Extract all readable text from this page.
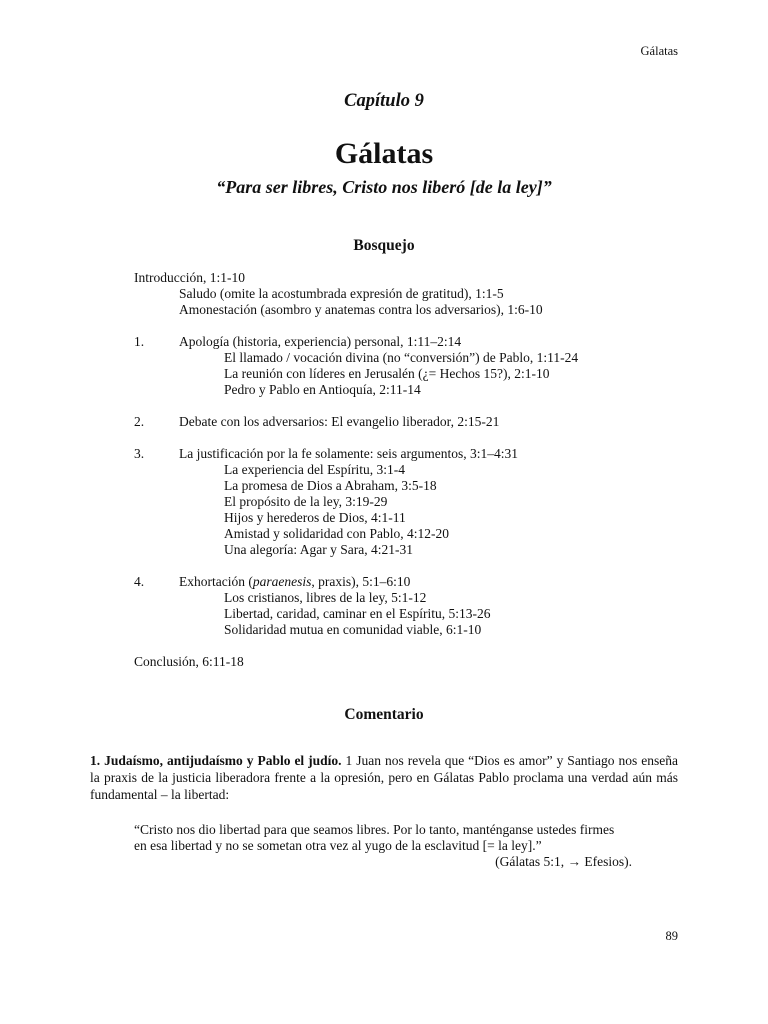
Gálatas
Capítulo 9
Gálatas
“Para ser libres, Cristo nos liberó [de la ley]”
Bosquejo
Introducción, 1:1-10
Saludo (omite la acostumbrada expresión de gratitud), 1:1-5
Amonestación (asombro y anatemas contra los adversarios), 1:6-10
1.	Apología (historia, experiencia) personal, 1:11–2:14
El llamado / vocación divina (no “conversión”) de Pablo, 1:11-24
La reunión con líderes en Jerusalén (¿= Hechos 15?), 2:1-10
Pedro y Pablo en Antioquía, 2:11-14
2.	Debate con los adversarios: El evangelio liberador, 2:15-21
3.	La justificación por la fe solamente: seis argumentos, 3:1–4:31
La experiencia del Espíritu, 3:1-4
La promesa de Dios a Abraham, 3:5-18
El propósito de la ley, 3:19-29
Hijos y herederos de Dios, 4:1-11
Amistad y solidaridad con Pablo, 4:12-20
Una alegoría: Agar y Sara, 4:21-31
4.	Exhortación (paraenesis, praxis), 5:1–6:10
Los cristianos, libres de la ley, 5:1-12
Libertad, caridad, caminar en el Espíritu, 5:13-26
Solidaridad mutua en comunidad viable, 6:1-10
Conclusión, 6:11-18
Comentario
1. Judaísmo, antijudaísmo y Pablo el judío. 1 Juan nos revela que “Dios es amor” y Santiago nos enseña la praxis de la justicia liberadora frente a la opresión, pero en Gálatas Pablo proclama una verdad aún más fundamental – la libertad:
“Cristo nos dio libertad para que seamos libres. Por lo tanto, manténganse ustedes firmes
en esa libertad y no se sometan otra vez al yugo de la esclavitud [= la ley].”
(Gálatas 5:1, → Efesios).
89
